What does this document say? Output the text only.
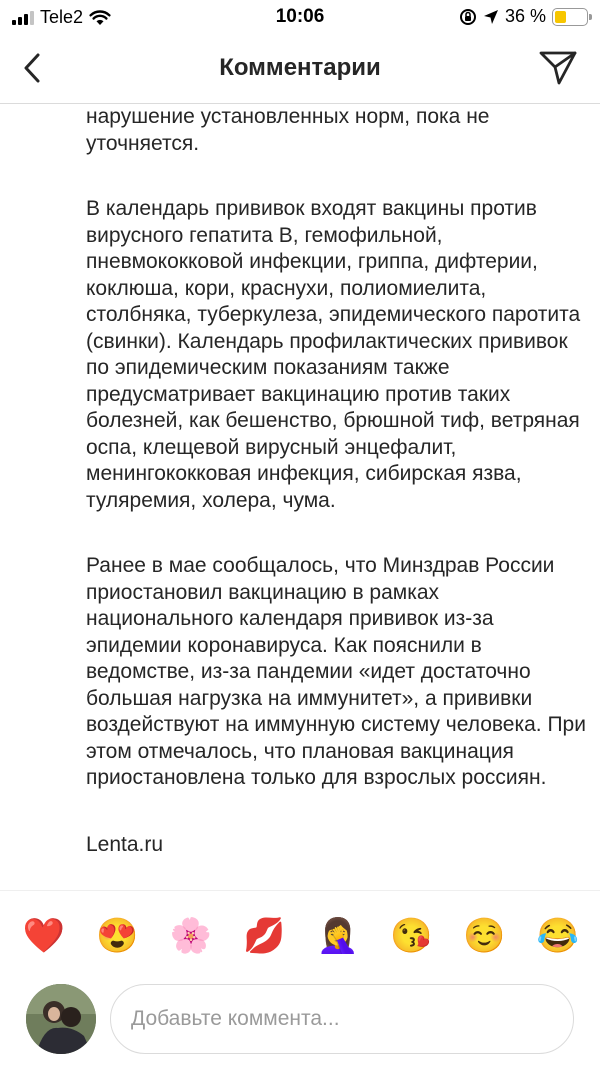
Tele2	10:06	36 %
Комментарии

нарушение установленных норм, пока не уточняется.

В календарь прививок входят вакцины против вирусного гепатита B, гемофильной, пневмококковой инфекции, гриппа, дифтерии, коклюша, кори, краснухи, полиомиелита, столбняка, туберкулеза, эпидемического паротита (свинки). Календарь профилактических прививок по эпидемическим показаниям также предусматривает вакцинацию против таких болезней, как бешенство, брюшной тиф, ветряная оспа, клещевой вирусный энцефалит, менингококковая инфекция, сибирская язва, туляремия, холера, чума.

Ранее в мае сообщалось, что Минздрав России приостановил вакцинацию в рамках национального календаря прививок из-за эпидемии коронавируса. Как пояснили в ведомстве, из-за пандемии «идет достаточно большая нагрузка на иммунитет», а прививки воздействуют на иммунную систему человека. При этом отмечалось, что плановая вакцинация приостановлена только для взрослых россиян.

Lenta.ru

❤️ 😍 🌸 💋 🤦‍♀️ 😘 ☺️ 😂
Добавьте коммента...
